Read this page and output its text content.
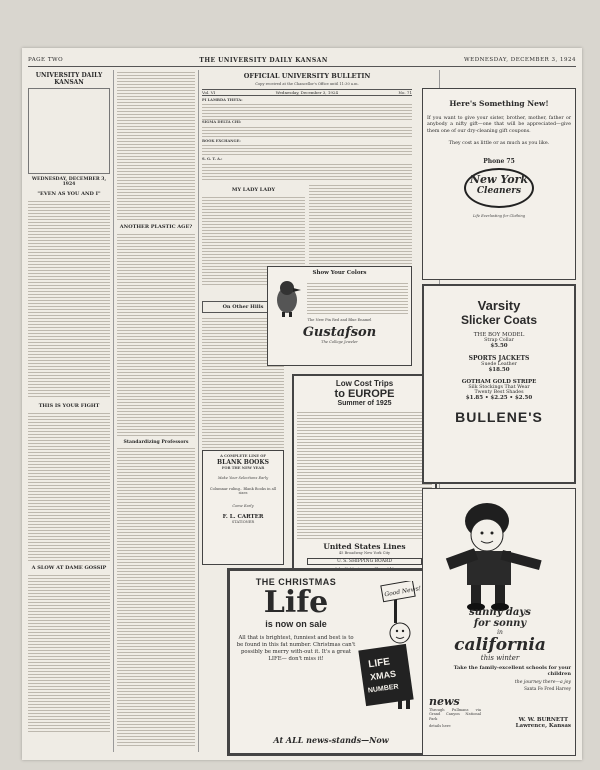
PAGE TWO	THE UNIVERSITY DAILY KANSAN	WEDNESDAY, DECEMBER 3, 1924
UNIVERSITY DAILY KANSAN

WEDNESDAY, DECEMBER 3, 1924
"EVEN AS YOU AND I"
THIS IS YOUR FIGHT
A SLOW AT DAME GOSSIP
ANOTHER PLASTIC AGE?
Standardizing Professors
OFFICIAL UNIVERSITY BULLETIN
Copy received at the Chancellor's Office until 11:30 a.m.
Vol. VI	Wednesday, December 3, 1924	No. 71
PI LAMBDA THETA:
SIGMA DELTA CHI:
BOOK EXCHANGE:
S. G. T. A.:
MY LADY LADY
On Other Hills
A COMPLETE LINE OF
BLANK BOOKS
FOR THE NEW YEAR
Make Your Selections Early
Columnar ruling.. Blank Books in all sizes
Come Early
F. L. CARTER
STATIONER
Show Your Colors
The New Pin Red and Blue Enamel
Gustafson
The College Jeweler
Low Cost Trips
to EUROPE
Summer of 1925
United States Lines
45 Broadway New York City
U. S. SHIPPING BOARD
THE CHRISTMAS
Life
is now on sale
All that is brightest, funniest and best is to be found in this fat number. Christmas can't possibly be merry with-out it. It's a great LIFE— don't miss it!
Good News!
LIFE
XMAS
NUMBER
At ALL news-stands—Now
Here's Something New!
If you want to give your sister, brother, mother, father or anybody a nifty gift—one that will be appreciated—give them one of our dry-cleaning gift coupons.
They cost as little or as much as you like.
Phone 75
New York
Cleaners
Life Everlasting for Clothing
Varsity
Slicker Coats
THE BOY MODEL
Strap Collar
$5.50
SPORTS JACKETS
Suede Leather
$18.50
GOTHAM GOLD STRIPE
Silk Stockings That Wear
Twenty Best Shades
$1.85 • $2.25 • $2.50
BULLENE'S
sunny days
for sonny
in
california
this winter
Take the family-excellent schools for your children
the journey there—a joy
Santa Fe Fred Harvey
news
Through Pullmans via Grand Canyon National Park
details here
W. W. BURNETT
Lawrence, Kansas
